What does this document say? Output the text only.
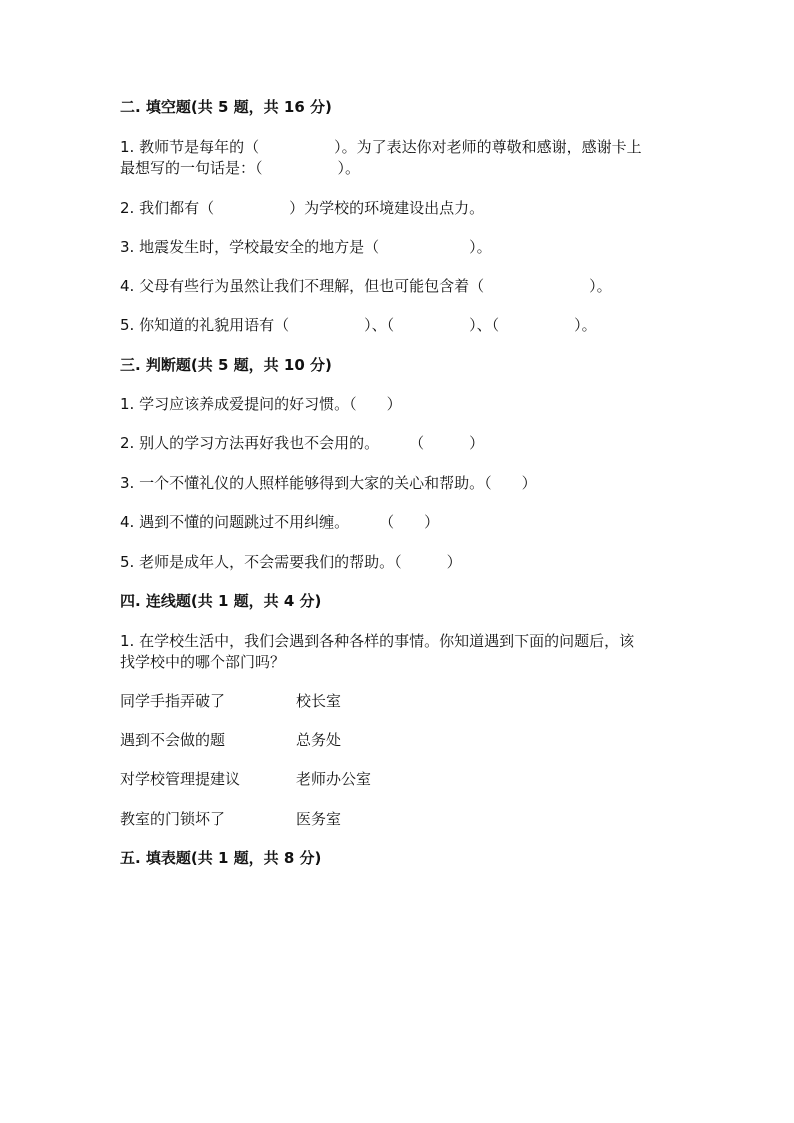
二. 填空题(共 5 题，共 16 分)
1. 教师节是每年的（　　　　　）。为了表达你对老师的尊敬和感谢，感谢卡上
最想写的一句话是：（　　　　　）。
2. 我们都有（　　　　　）为学校的环境建设出点力。
3. 地震发生时，学校最安全的地方是（　　　　　　）。
4. 父母有些行为虽然让我们不理解，但也可能包含着（　　　　　　　）。
5. 你知道的礼貌用语有（　　　　　）、（　　　　　）、（　　　　　）。
三. 判断题(共 5 题，共 10 分)
1. 学习应该养成爱提问的好习惯。（　　）
2. 别人的学习方法再好我也不会用的。　　　（　　　）
3. 一个不懂礼仪的人照样能够得到大家的关心和帮助。（　　）
4. 遇到不懂的问题跳过不用纠缠。　　　（　　）
5. 老师是成年人，不会需要我们的帮助。（　　　）
四. 连线题(共 1 题，共 4 分)
1. 在学校生活中，我们会遇到各种各样的事情。你知道遇到下面的问题后，该
找学校中的哪个部门吗？
同学手指弄破了	校长室
遇到不会做的题	总务处
对学校管理提建议	老师办公室
教室的门锁坏了	医务室
五. 填表题(共 1 题，共 8 分)
